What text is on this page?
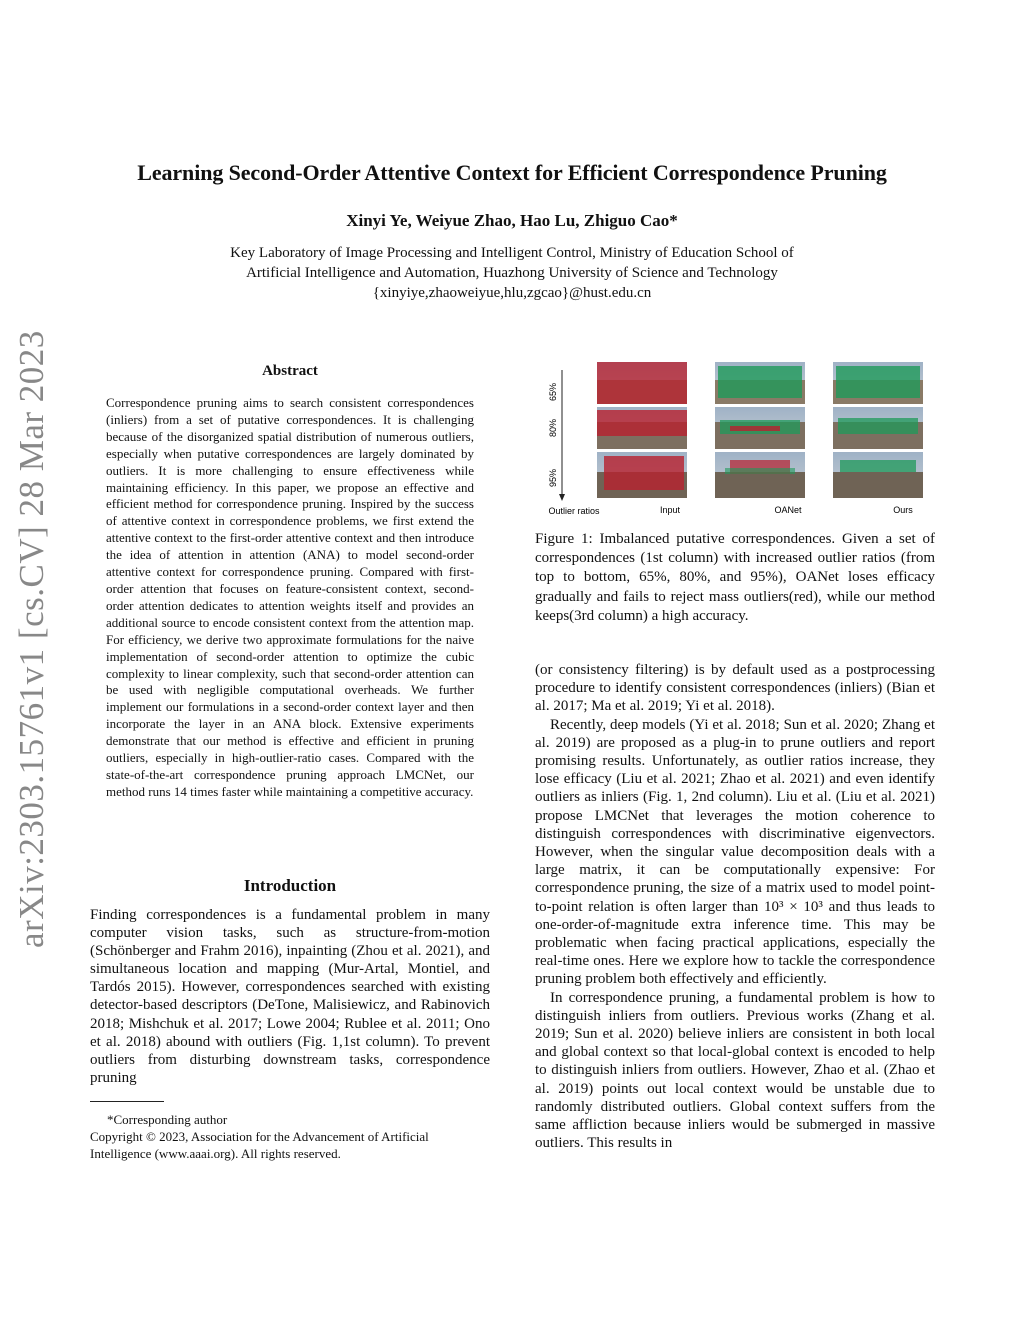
Learning Second-Order Attentive Context for Efficient Correspondence Pruning
Xinyi Ye, Weiyue Zhao, Hao Lu, Zhiguo Cao*
Key Laboratory of Image Processing and Intelligent Control, Ministry of Education School of
Artificial Intelligence and Automation, Huazhong University of Science and Technology
{xinyiye,zhaoweiyue,hlu,zgcao}@hust.edu.cn
arXiv:2303.15761v1 [cs.CV] 28 Mar 2023	Abstract
Correspondence pruning aims to search consistent correspondences (inliers) from a set of putative correspondences. It is challenging because of the disorganized spatial distribution of numerous outliers, especially when putative correspondences are largely dominated by outliers. It is more challenging to ensure effectiveness while maintaining efficiency. In this paper, we propose an effective and efficient method for correspondence pruning. Inspired by the success of attentive context in correspondence problems, we first extend the attentive context to the first-order attentive context and then introduce the idea of attention in attention (ANA) to model second-order attentive context for correspondence pruning. Compared with first-order attention that focuses on feature-consistent context, second-order attention dedicates to attention weights itself and provides an additional source to encode consistent context from the attention map. For efficiency, we derive two approximate formulations for the naive implementation of second-order attention to optimize the cubic complexity to linear complexity, such that second-order attention can be used with negligible computational overheads. We further implement our formulations in a second-order context layer and then incorporate the layer in an ANA block. Extensive experiments demonstrate that our method is effective and efficient in pruning outliers, especially in high-outlier-ratio cases. Compared with the state-of-the-art correspondence pruning approach LMCNet, our method runs 14 times faster while maintaining a competitive accuracy.
Introduction
Finding correspondences is a fundamental problem in many computer vision tasks, such as structure-from-motion (Schönberger and Frahm 2016), inpainting (Zhou et al. 2021), and simultaneous location and mapping (Mur-Artal, Montiel, and Tardós 2015). However, correspondences searched with existing detector-based descriptors (DeTone, Malisiewicz, and Rabinovich 2018; Mishchuk et al. 2017; Lowe 2004; Rublee et al. 2011; Ono et al. 2018) abound with outliers (Fig. 1,1st column). To prevent outliers from disturbing downstream tasks, correspondence pruning
*Corresponding author
Copyright © 2023, Association for the Advancement of Artificial Intelligence (www.aaai.org). All rights reserved.
65%
80%
95%
Outlier ratios	Input	OANet	Ours
Figure 1: Imbalanced putative correspondences. Given a set of correspondences (1st column) with increased outlier ratios (from top to bottom, 65%, 80%, and 95%), OANet loses efficacy gradually and fails to reject mass outliers(red), while our method keeps(3rd column) a high accuracy.

(or consistency filtering) is by default used as a postprocessing procedure to identify consistent correspondences (inliers) (Bian et al. 2017; Ma et al. 2019; Yi et al. 2018).

Recently, deep models (Yi et al. 2018; Sun et al. 2020; Zhang et al. 2019) are proposed as a plug-in to prune outliers and report promising results. Unfortunately, as outlier ratios increase, they lose efficacy (Liu et al. 2021; Zhao et al. 2021) and even identify outliers as inliers (Fig. 1, 2nd column). Liu et al. (Liu et al. 2021) propose LMCNet that leverages the motion coherence to distinguish correspondences with discriminative eigenvectors. However, when the singular value decomposition deals with a large matrix, it can be computationally expensive: For correspondence pruning, the size of a matrix used to model point-to-point relation is often larger than 10³ × 10³ and thus leads to one-order-of-magnitude extra inference time. This may be problematic when facing practical applications, especially the real-time ones. Here we explore how to tackle the correspondence pruning problem both effectively and efficiently.

In correspondence pruning, a fundamental problem is how to distinguish inliers from outliers. Previous works (Zhang et al. 2019; Sun et al. 2020) believe inliers are consistent in both local and global context so that local-global context is encoded to help to distinguish inliers from outliers. However, Zhao et al. (Zhao et al. 2019) points out local context would be unstable due to randomly distributed outliers. Global context suffers from the same affliction because inliers would be submerged in massive outliers. This results in
